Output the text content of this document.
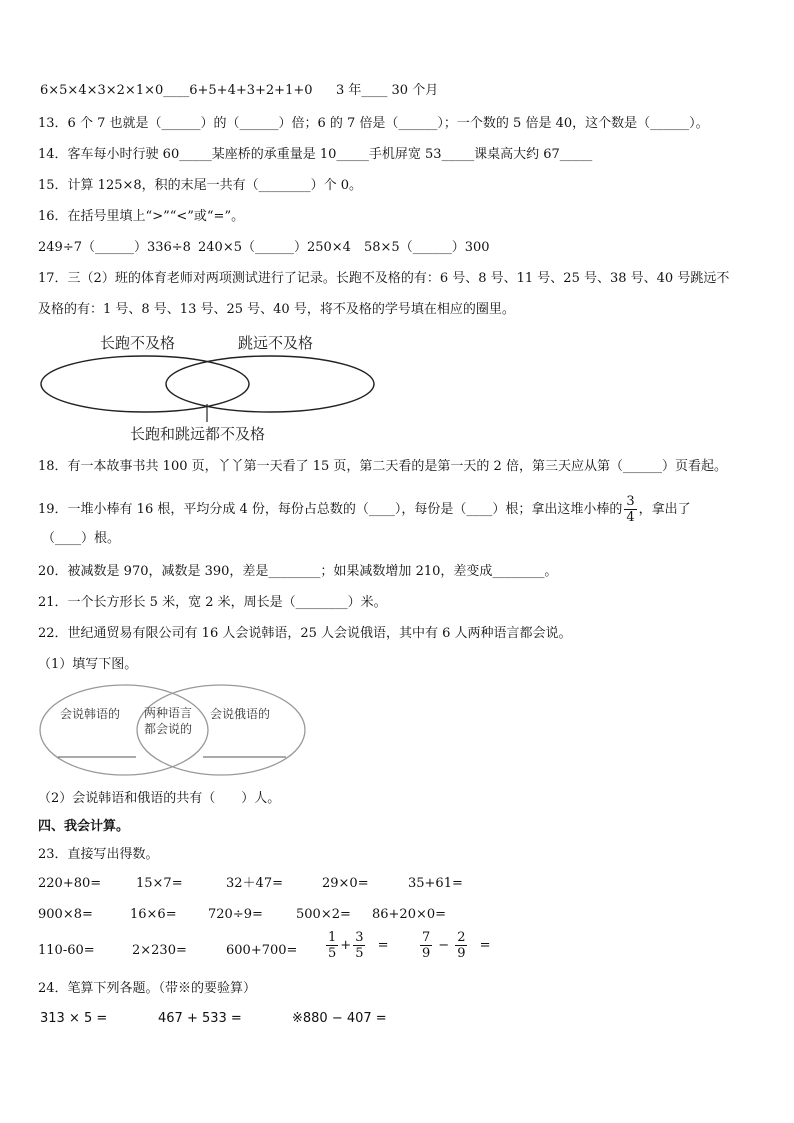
6×5×4×3×2×1×0____6+5+4+3+2+1+0 3 年____ 30 个月
13．6 个 7 也就是（______）的（______）倍；6 的 7 倍是（______）；一个数的 5 倍是 40，这个数是（______）。
14．客车每小时行驶 60_____某座桥的承重量是 10_____手机屏宽 53_____课桌高大约 67_____
15．计算 125×8，积的末尾一共有（________）个 0。
16．在括号里填上“>”“<”或“=”。
249÷7（______）336÷8 240×5（______）250×4 58×5（______）300
17．三（2）班的体育老师对两项测试进行了记录。长跑不及格的有：6 号、8 号、11 号、25 号、38 号、40 号跳远不
及格的有：1 号、8 号、13 号、25 号、40 号，将不及格的学号填在相应的圈里。
长跑不及格	跳远不及格
长跑和跳远都不及格
18．有一本故事书共 100 页，丫丫第一天看了 15 页，第二天看的是第一天的 2 倍，第三天应从第（______）页看起。
19．一堆小棒有 16 根，平均分成 4 份，每份占总数的（____），每份是（____）根；拿出这堆小棒的 $\frac{3}{4}$ ，拿出了
（____）根。
20．被减数是 970，减数是 390，差是________；如果减数增加 210，差变成________。
21．一个长方形长 5 米，宽 2 米，周长是（________）米。
22．世纪通贸易有限公司有 16 人会说韩语，25 人会说俄语，其中有 6 人两种语言都会说。
（1）填写下图。
会说韩语的 两种语言
都会说的
会说俄语的
（2）会说韩语和俄语的共有（　　）人。
四、我会计算。
23．直接写出得数。
220+80=	15×7=	32＋47=	29×0=	35+61=
900×8=	16×6= 720÷9=	500×2= 86+20×0=
110-60=	2×230=	$600+700= \frac{1}{5} + \frac{3}{5} = \frac{7}{9} - \frac{2}{9}$ =
24．笔算下列各题。（带※的要验算）
313 × 5 =	467 + 533 =	※880 − 407 =
